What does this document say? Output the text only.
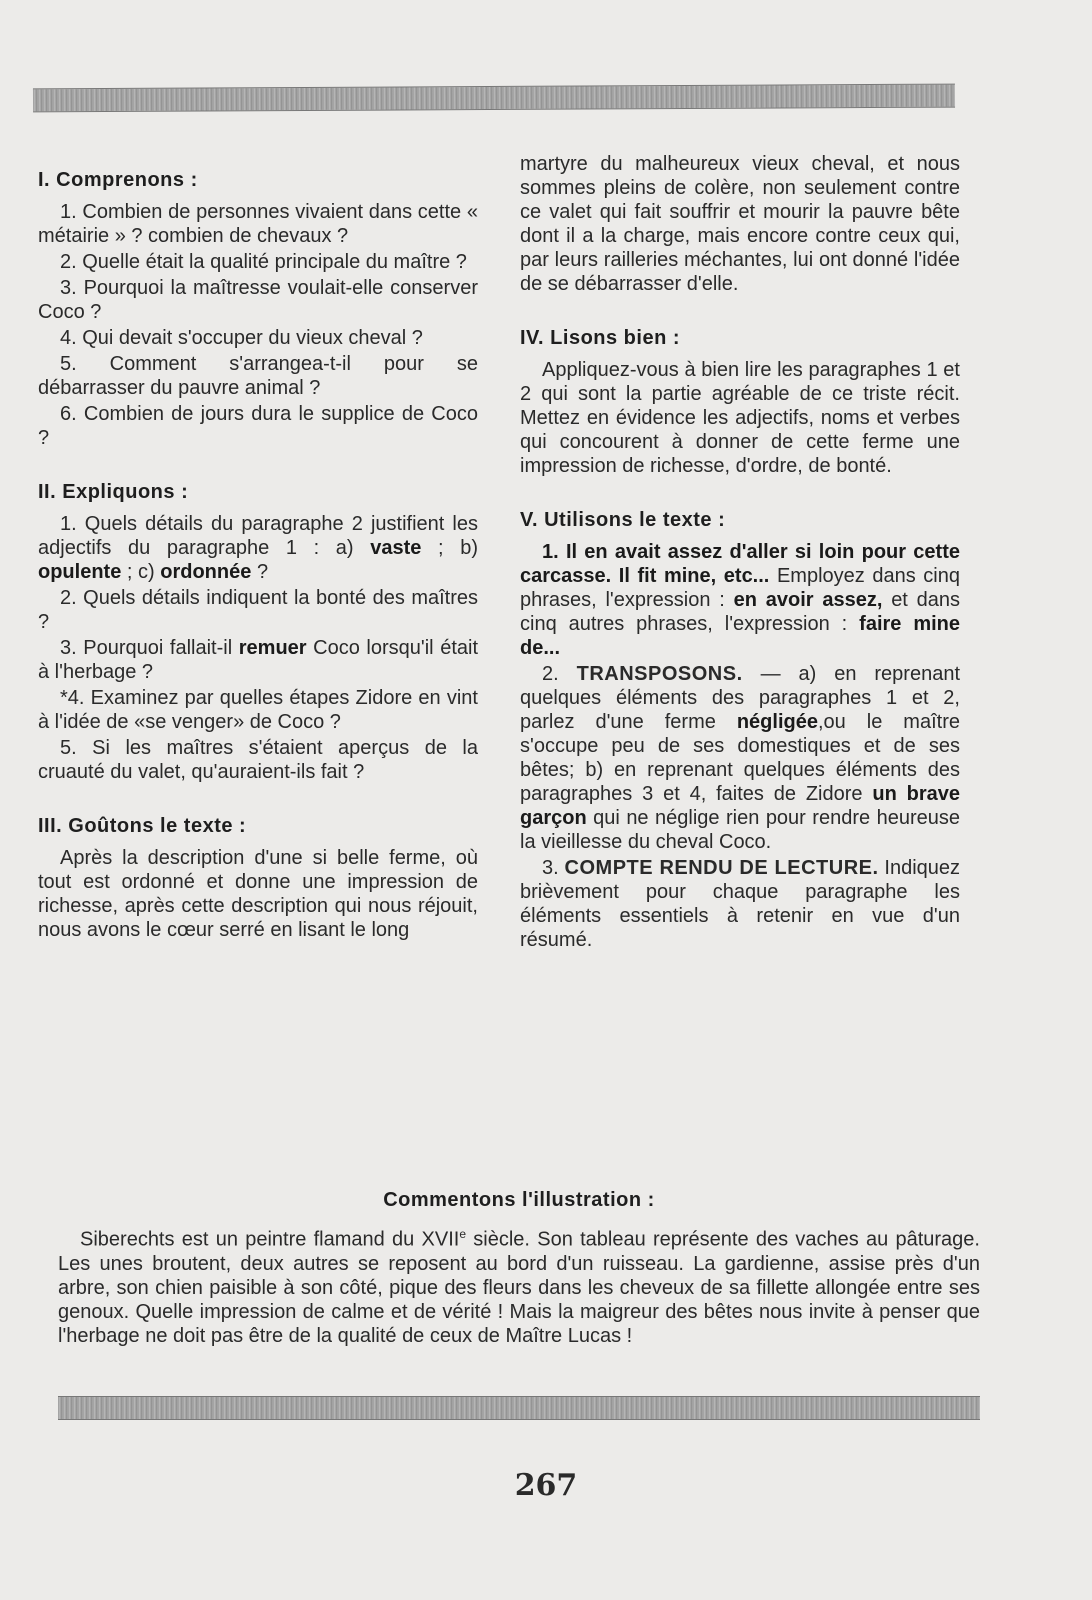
I. Comprenons :

1. Combien de personnes vivaient dans cette « métairie » ? combien de chevaux ?

2. Quelle était la qualité principale du maître ?

3. Pourquoi la maîtresse voulait-elle conserver Coco ?

4. Qui devait s'occuper du vieux cheval ?

5. Comment s'arrangea-t-il pour se débarrasser du pauvre animal ?

6. Combien de jours dura le supplice de Coco ?

II. Expliquons :

1. Quels détails du paragraphe 2 justifient les adjectifs du paragraphe 1 : a) vaste ; b) opulente ; c) ordonnée ?

2. Quels détails indiquent la bonté des maîtres ?

3. Pourquoi fallait-il remuer Coco lorsqu'il était à l'herbage ?

*4. Examinez par quelles étapes Zidore en vint à l'idée de «se venger» de Coco ?

5. Si les maîtres s'étaient aperçus de la cruauté du valet, qu'auraient-ils fait ?

III. Goûtons le texte :

Après la description d'une si belle ferme, où tout est ordonné et donne une impression de richesse, après cette description qui nous réjouit, nous avons le cœur serré en lisant le long

martyre du malheureux vieux cheval, et nous sommes pleins de colère, non seulement contre ce valet qui fait souffrir et mourir la pauvre bête dont il a la charge, mais encore contre ceux qui, par leurs railleries méchantes, lui ont donné l'idée de se débarrasser d'elle.

IV. Lisons bien :

Appliquez-vous à bien lire les paragraphes 1 et 2 qui sont la partie agréable de ce triste récit. Mettez en évidence les adjectifs, noms et verbes qui concourent à donner de cette ferme une impression de richesse, d'ordre, de bonté.

V. Utilisons le texte :

1. Il en avait assez d'aller si loin pour cette carcasse. Il fit mine, etc... Employez dans cinq phrases, l'expression : en avoir assez, et dans cinq autres phrases, l'expression : faire mine de...

2. TRANSPOSONS. — a) en reprenant quelques éléments des paragraphes 1 et 2, parlez d'une ferme négligée,ou le maître s'occupe peu de ses domestiques et de ses bêtes; b) en reprenant quelques éléments des paragraphes 3 et 4, faites de Zidore un brave garçon qui ne néglige rien pour rendre heureuse la vieillesse du cheval Coco.

3. COMPTE RENDU DE LECTURE. Indiquez brièvement pour chaque paragraphe les éléments essentiels à retenir en vue d'un résumé.

Commentons l'illustration :

Siberechts est un peintre flamand du XVIIe siècle. Son tableau représente des vaches au pâturage. Les unes broutent, deux autres se reposent au bord d'un ruisseau. La gardienne, assise près d'un arbre, son chien paisible à son côté, pique des fleurs dans les cheveux de sa fillette allongée entre ses genoux. Quelle impression de calme et de vérité ! Mais la maigreur des bêtes nous invite à penser que l'herbage ne doit pas être de la qualité de ceux de Maître Lucas !

267
